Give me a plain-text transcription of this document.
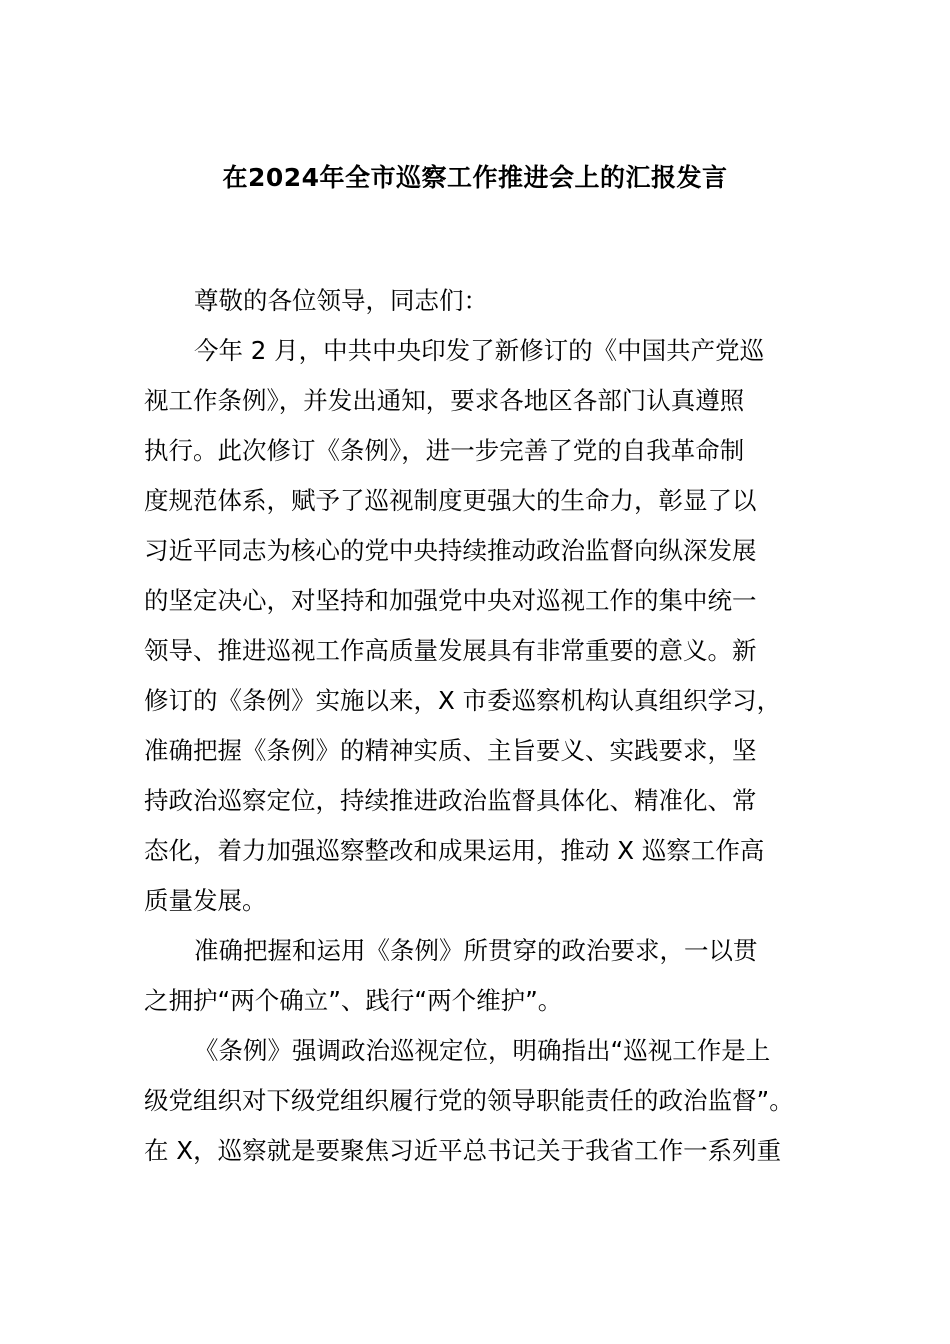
在2024年全市巡察工作推进会上的汇报发言
尊敬的各位领导，同志们：
今年 2 月，中共中央印发了新修订的《中国共产党巡
视工作条例》，并发出通知，要求各地区各部门认真遵照
执行。此次修订《条例》，进一步完善了党的自我革命制
度规范体系，赋予了巡视制度更强大的生命力，彰显了以
习近平同志为核心的党中央持续推动政治监督向纵深发展
的坚定决心，对坚持和加强党中央对巡视工作的集中统一
领导、推进巡视工作高质量发展具有非常重要的意义。新
修订的《条例》实施以来，X 市委巡察机构认真组织学习，
准确把握《条例》的精神实质、主旨要义、实践要求，坚
持政治巡察定位，持续推进政治监督具体化、精准化、常
态化，着力加强巡察整改和成果运用，推动 X 巡察工作高
质量发展。
准确把握和运用《条例》所贯穿的政治要求，一以贯
之拥护“两个确立”、践行“两个维护”。
《条例》强调政治巡视定位，明确指出“巡视工作是上
级党组织对下级党组织履行党的领导职能责任的政治监督”。
在 X，巡察就是要聚焦习近平总书记关于我省工作一系列重
